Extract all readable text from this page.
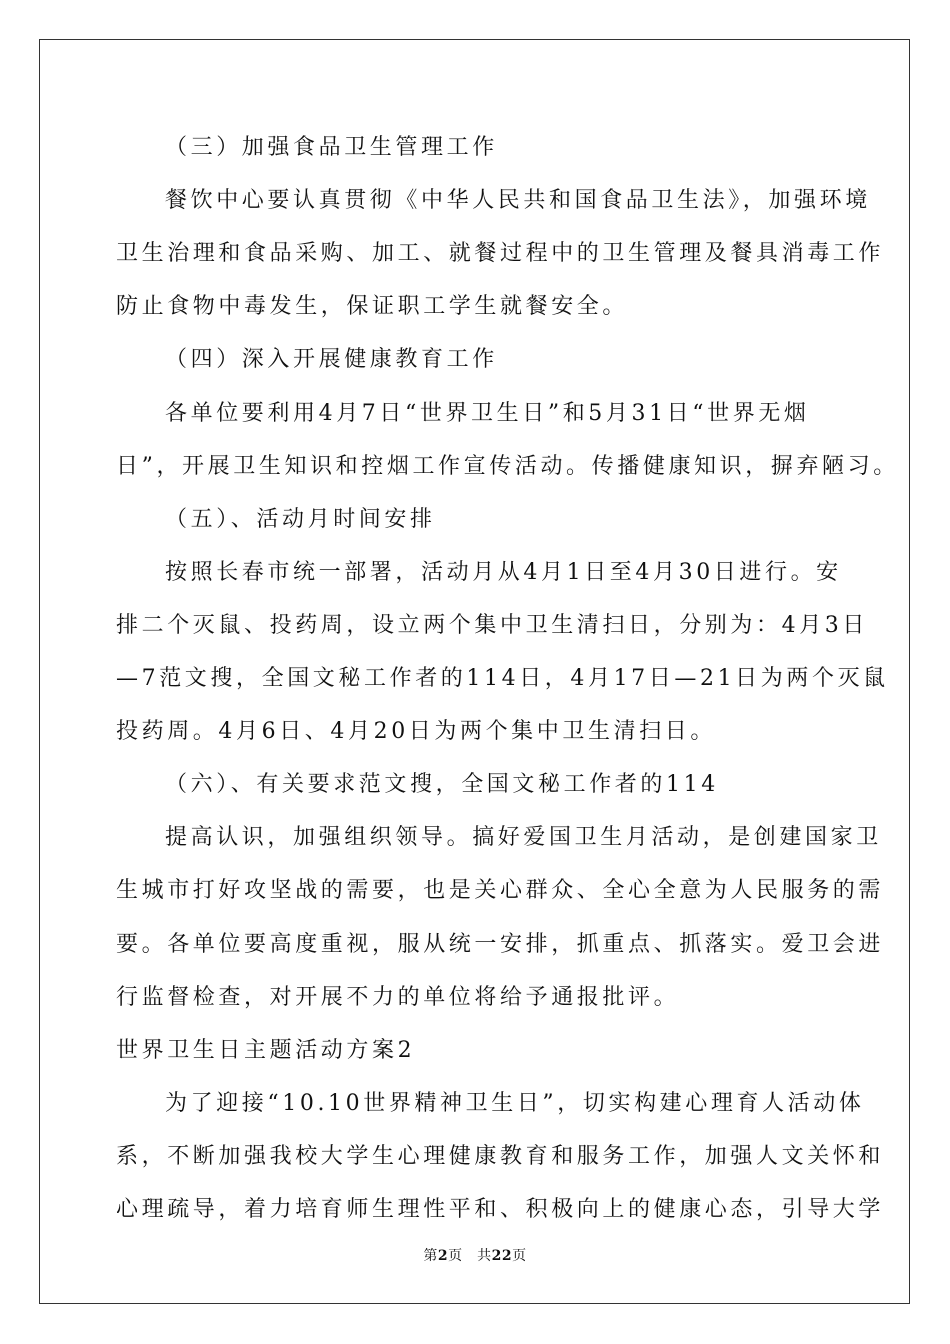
（三）加强食品卫生管理工作
餐饮中心要认真贯彻《中华人民共和国食品卫生法》，加强环境
卫生治理和食品采购、加工、就餐过程中的卫生管理及餐具消毒工作
防止食物中毒发生，保证职工学生就餐安全。
（四）深入开展健康教育工作
各单位要利用4月7日“世界卫生日”和5月31日“世界无烟
日”，开展卫生知识和控烟工作宣传活动。传播健康知识，摒弃陋习。
（五）、活动月时间安排
按照长春市统一部署，活动月从4月1日至4月30日进行。安
排二个灭鼠、投药周，设立两个集中卫生清扫日，分别为：4月3日
—7范文搜，全国文秘工作者的114日，4月17日—21日为两个灭鼠
投药周。4月6日、4月20日为两个集中卫生清扫日。
（六）、有关要求范文搜，全国文秘工作者的114
提高认识，加强组织领导。搞好爱国卫生月活动，是创建国家卫
生城市打好攻坚战的需要，也是关心群众、全心全意为人民服务的需
要。各单位要高度重视，服从统一安排，抓重点、抓落实。爱卫会进
行监督检查，对开展不力的单位将给予通报批评。
世界卫生日主题活动方案2
为了迎接“10.10世界精神卫生日”，切实构建心理育人活动体
系，不断加强我校大学生心理健康教育和服务工作，加强人文关怀和
心理疏导，着力培育师生理性平和、积极向上的健康心态，引导大学
第2页　共22页
